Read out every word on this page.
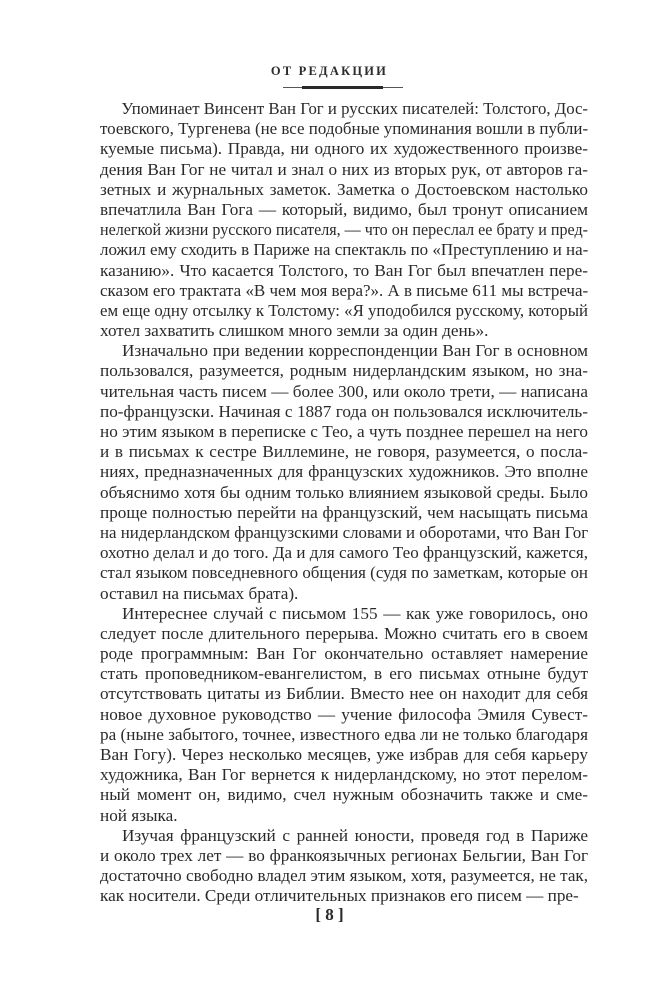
ОТ РЕДАКЦИИ
Упоминает Винсент Ван Гог и русских писателей: Толстого, Дос-
тоевского, Тургенева (не все подобные упоминания вошли в публи-
куемые письма). Правда, ни одного их художественного произве-
дения Ван Гог не читал и знал о них из вторых рук, от авторов га-
зетных и журнальных заметок. Заметка о Достоевском настолько
впечатлила Ван Гога — который, видимо, был тронут описанием
нелегкой жизни русского писателя, — что он переслал ее брату и пред-
ложил ему сходить в Париже на спектакль по «Преступлению и на-
казанию». Что касается Толстого, то Ван Гог был впечатлен пере-
сказом его трактата «В чем моя вера?». А в письме 611 мы встреча-
ем еще одну отсылку к Толстому: «Я уподобился русскому, который
хотел захватить слишком много земли за один день».
Изначально при ведении корреспонденции Ван Гог в основном
пользовался, разумеется, родным нидерландским языком, но зна-
чительная часть писем — более 300, или около трети, — написана
по-французски. Начиная с 1887 года он пользовался исключитель-
но этим языком в переписке с Тео, а чуть позднее перешел на него
и в письмах к сестре Виллемине, не говоря, разумеется, о посла-
ниях, предназначенных для французских художников. Это вполне
объяснимо хотя бы одним только влиянием языковой среды. Было
проще полностью перейти на французский, чем насыщать письма
на нидерландском французскими словами и оборотами, что Ван Гог
охотно делал и до того. Да и для самого Тео французский, кажется,
стал языком повседневного общения (судя по заметкам, которые он
оставил на письмах брата).
Интереснее случай с письмом 155 — как уже говорилось, оно
следует после длительного перерыва. Можно считать его в своем
роде программным: Ван Гог окончательно оставляет намерение
стать проповедником-евангелистом, в его письмах отныне будут
отсутствовать цитаты из Библии. Вместо нее он находит для себя
новое духовное руководство — учение философа Эмиля Сувест-
ра (ныне забытого, точнее, известного едва ли не только благодаря
Ван Гогу). Через несколько месяцев, уже избрав для себя карьеру
художника, Ван Гог вернется к нидерландскому, но этот перелом-
ный момент он, видимо, счел нужным обозначить также и сме-
ной языка.
Изучая французский с ранней юности, проведя год в Париже
и около трех лет — во франкоязычных регионах Бельгии, Ван Гог
достаточно свободно владел этим языком, хотя, разумеется, не так,
как носители. Среди отличительных признаков его писем — пре-
[ 8 ]
